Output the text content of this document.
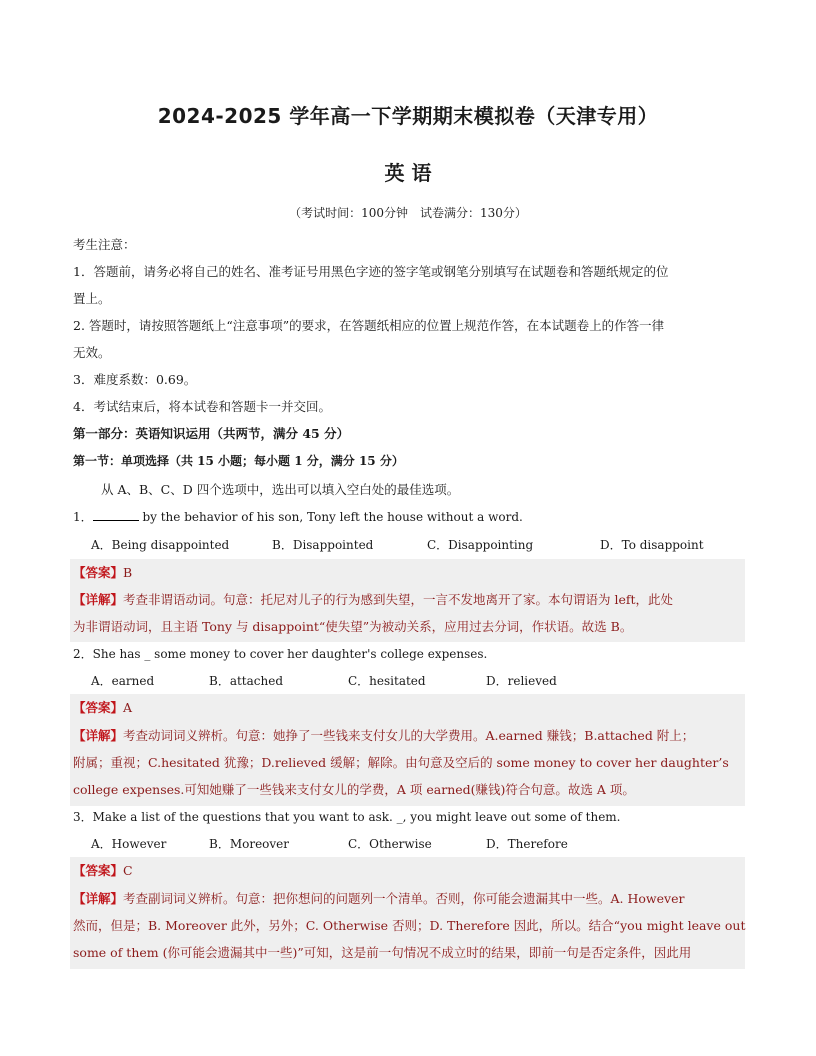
2024-2025 学年高一下学期期末模拟卷（天津专用）
英 语
（考试时间：100分钟　试卷满分：130分）
考生注意：
1．答题前，请务必将自己的姓名、准考证号用黑色字迹的签字笔或钢笔分别填写在试题卷和答题纸规定的位
置上。
2. 答题时，请按照答题纸上“注意事项”的要求，在答题纸相应的位置上规范作答，在本试题卷上的作答一律
无效。
3．难度系数：0.69。
4．考试结束后，将本试卷和答题卡一并交回。
第一部分：英语知识运用（共两节，满分 45 分）
第一节：单项选择（共 15 小题；每小题 1 分，满分 15 分）
从 A、B、C、D 四个选项中，选出可以填入空白处的最佳选项。
1．	by the behavior of his son, Tony left the house without a word.
A．Being disappointed	B．Disappointed	C．Disappointing	D．To disappoint
【答案】B
【详解】考查非谓语动词。句意：托尼对儿子的行为感到失望，一言不发地离开了家。本句谓语为 left，此处
为非谓语动词，且主语 Tony 与 disappoint“使失望”为被动关系，应用过去分词，作状语。故选 B。
2．She has _ some money to cover her daughter's college expenses.
A．earned	B．attached	C．hesitated	D．relieved
【答案】A
【详解】考查动词词义辨析。句意：她挣了一些钱来支付女儿的大学费用。A.earned 赚钱；B.attached 附上；
附属；重视；C.hesitated 犹豫；D.relieved 缓解；解除。由句意及空后的 some money to cover her daughter’s
college expenses.可知她赚了一些钱来支付女儿的学费，A 项 earned(赚钱)符合句意。故选 A 项。
3．Make a list of the questions that you want to ask. _, you might leave out some of them.
A．However	B．Moreover	C．Otherwise	D．Therefore
【答案】C
【详解】考查副词词义辨析。句意：把你想问的问题列一个清单。否则，你可能会遗漏其中一些。A. However
然而，但是；B. Moreover 此外，另外；C. Otherwise 否则；D. Therefore 因此，所以。结合“you might leave out
some of them (你可能会遗漏其中一些)”可知，这是前一句情况不成立时的结果，即前一句是否定条件，因此用
